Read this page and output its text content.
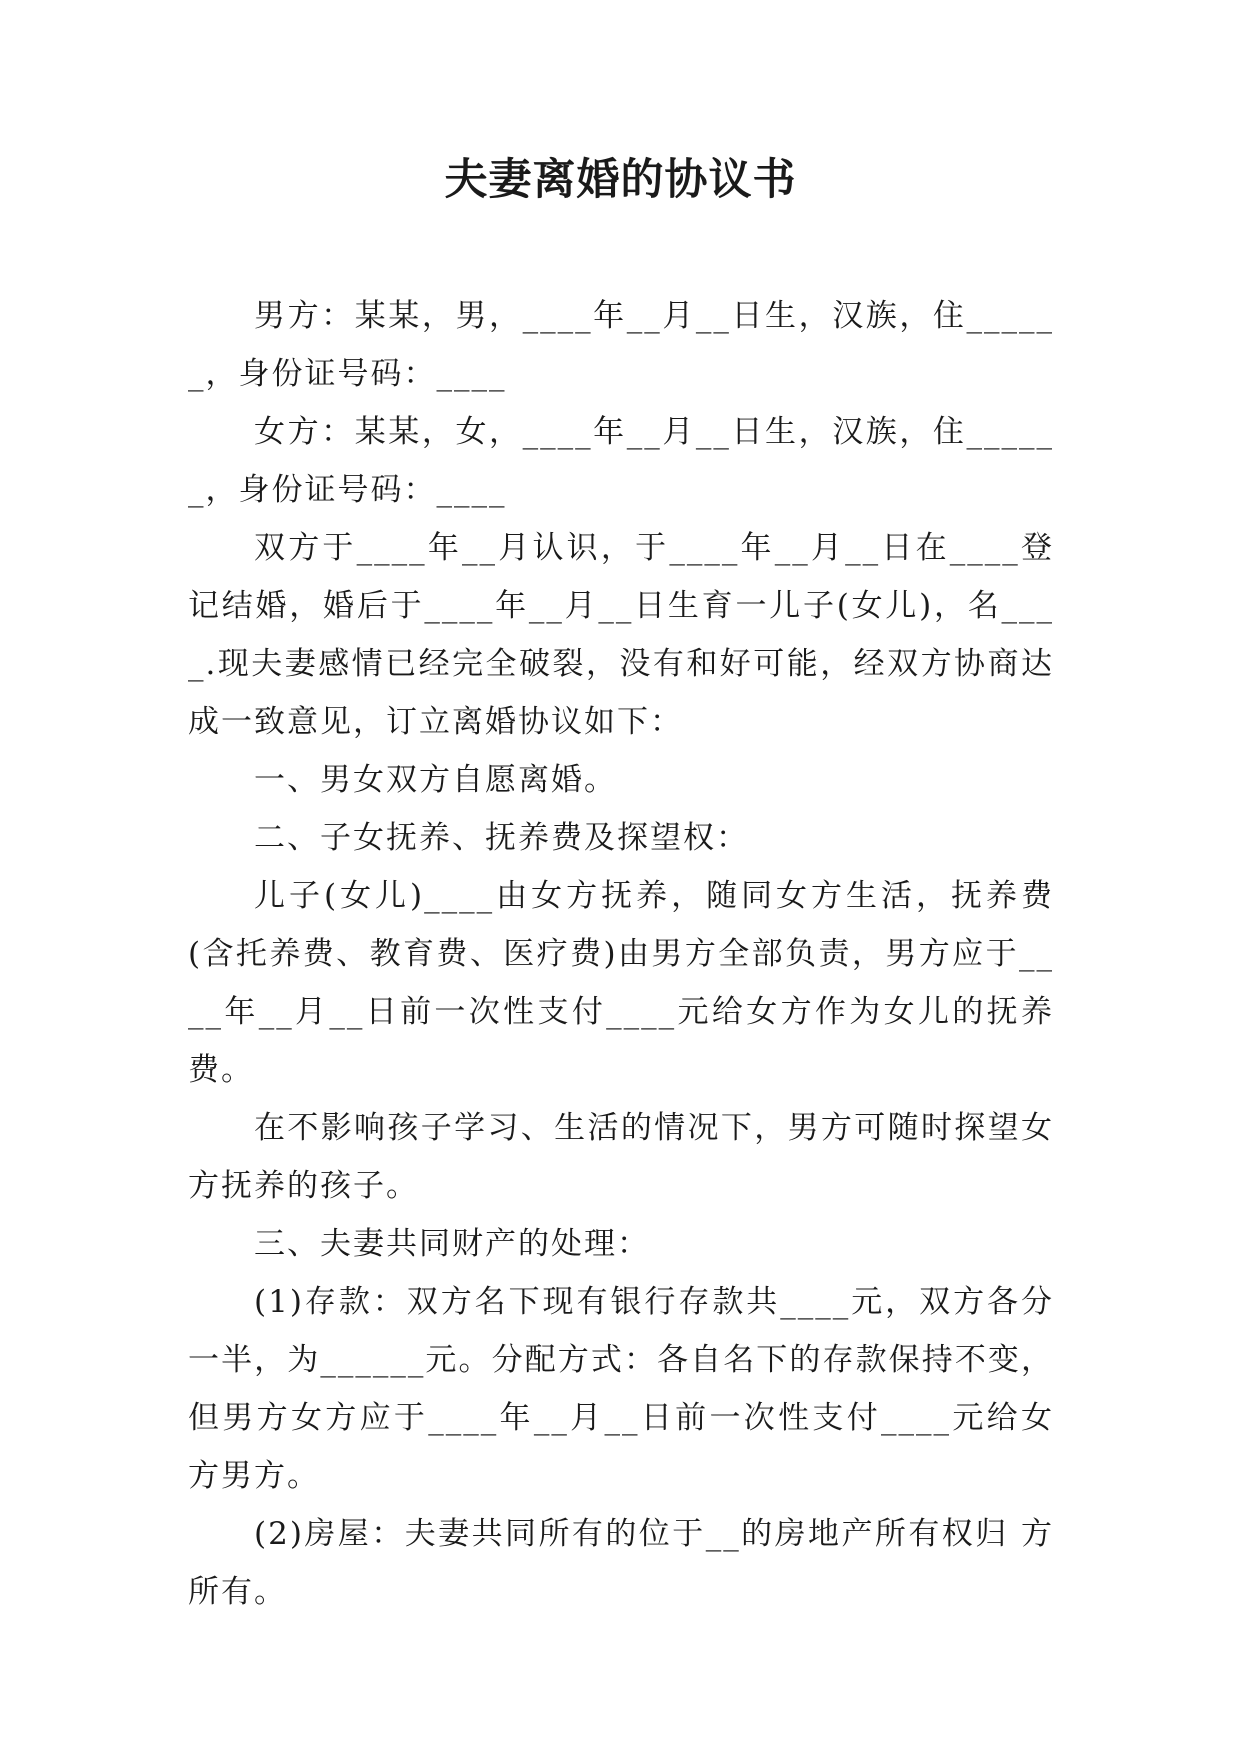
夫妻离婚的协议书

男方：某某，男，____年__月__日生，汉族，住______，身份证号码：____

女方：某某，女，____年__月__日生，汉族，住______，身份证号码：____

双方于____年__月认识，于____年__月__日在____登记结婚，婚后于____年__月__日生育一儿子(女儿)，名____.现夫妻感情已经完全破裂，没有和好可能，经双方协商达成一致意见，订立离婚协议如下：

一、男女双方自愿离婚。

二、子女抚养、抚养费及探望权：

儿子(女儿)____由女方抚养，随同女方生活，抚养费(含托养费、教育费、医疗费)由男方全部负责，男方应于____年__月__日前一次性支付____元给女方作为女儿的抚养费。

在不影响孩子学习、生活的情况下，男方可随时探望女方抚养的孩子。

三、夫妻共同财产的处理：

(1)存款：双方名下现有银行存款共____元，双方各分一半，为______元。分配方式：各自名下的存款保持不变，但男方女方应于____年__月__日前一次性支付____元给女方男方。

(2)房屋：夫妻共同所有的位于__的房地产所有权归 方所有。
